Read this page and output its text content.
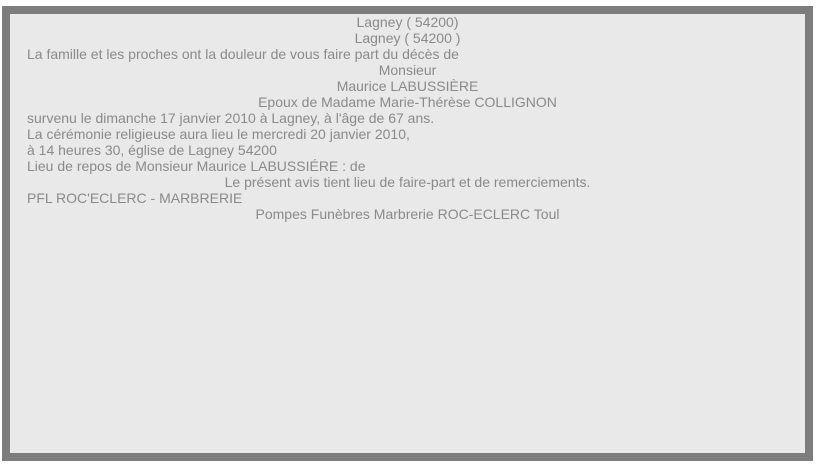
Lagney ( 54200)

Lagney ( 54200 )

La famille et les proches ont la douleur de vous faire part du décès de

Monsieur

Maurice LABUSSIÈRE

Epoux de Madame Marie-Thérèse COLLIGNON

survenu le dimanche 17 janvier 2010 à Lagney, à l'âge de 67 ans.

La cérémonie religieuse aura lieu le mercredi 20 janvier 2010,

à 14 heures 30, église de Lagney 54200

Lieu de repos de Monsieur Maurice LABUSSIÉRE : de

Le présent avis tient lieu de faire-part et de remerciements.

PFL ROC'ECLERC - MARBRERIE

Pompes Funèbres Marbrerie ROC-ECLERC Toul
